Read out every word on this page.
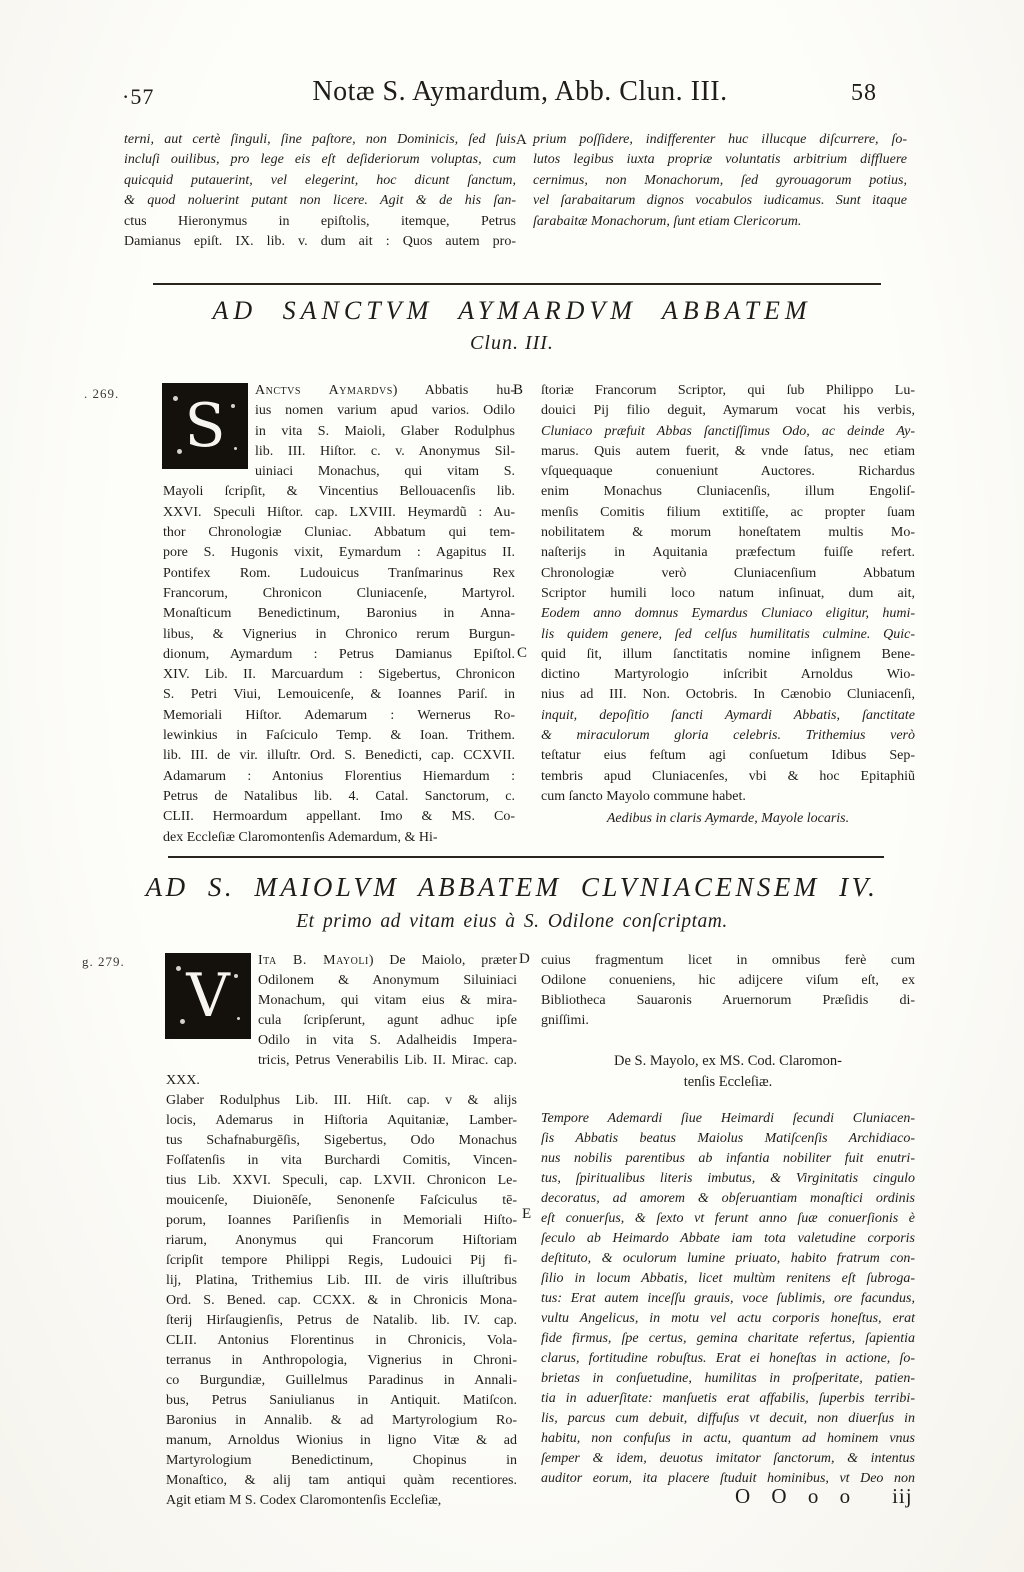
·57	Notæ S. Aymardum, Abb. Clun. III.	58
terni, aut certè ſinguli, ſine paſtore, non Dominicis, ſed ſuis
incluſi ouilibus, pro lege eis eſt deſideriorum voluptas, cum
quicquid putauerint, vel elegerint, hoc dicunt ſanctum,
& quod noluerint putant non licere. Agit & de his ſan-
ctus Hieronymus in epiſtolis, itemque, Petrus
Damianus epiſt. IX. lib. v. dum ait : Quos autem pro-
A prium poſſidere, indifferenter huc illucque diſcurrere, ſo-
lutos legibus iuxta propriæ voluntatis arbitrium diffluere
cernimus, non Monachorum, ſed gyrouagorum potius,
vel ſarabaitarum dignos vocabulos iudicamus. Sunt itaque
ſarabaitæ Monachorum, ſunt etiam Clericorum.
AD SANCTVM AYMARDVM ABBATEM
Clun. III.
. 269. S
Anctvs Aymardvs) Abbatis hu-
ius nomen varium apud varios. Odilo
in vita S. Maioli, Glaber Rodulphus
lib. III. Hiſtor. c. v. Anonymus Sil-
uiniaci Monachus, qui vitam S.
Mayoli ſcripſit, & Vincentius Bellouacenſis lib.
XXVI. Speculi Hiſtor. cap. LXVIII. Heymardũ : Au-
thor Chronologiæ Cluniac. Abbatum qui tem-
pore S. Hugonis vixit, Eymardum : Agapitus II.
Pontifex Rom. Ludouicus Tranſmarinus Rex
Francorum, Chronicon Cluniacenſe, Martyrol.
Monaſticum Benedictinum, Baronius in Anna-
libus, & Vignerius in Chronico rerum Burgun-
dionum, Aymardum : Petrus Damianus Epiſtol.
XIV. Lib. II. Marcuardum : Sigebertus, Chronicon
S. Petri Viui, Lemouicenſe, & Ioannes Pariſ. in
Memoriali Hiſtor. Ademarum : Wernerus Ro-
lewinkius in Faſciculo Temp. & Ioan. Trithem.
lib. III. de vir. illuſtr. Ord. S. Benedicti, cap. CCXVII.
Adamarum : Antonius Florentius Hiemardum :
Petrus de Natalibus lib. 4. Catal. Sanctorum, c.
CLII. Hermoardum appellant. Imo & MS. Co-
dex Eccleſiæ Claromontenſis Ademardum, & Hi-
B
C
ſtoriæ Francorum Scriptor, qui ſub Philippo Lu-
douici Pij filio deguit, Aymarum vocat his verbis,
Cluniaco præfuit Abbas ſanctiſſimus Odo, ac deinde Ay-
marus. Quis autem fuerit, & vnde ſatus, nec etiam
vſquequaque conueniunt Auctores. Richardus
enim Monachus Cluniacenſis, illum Engoliſ-
menſis Comitis filium extitiſſe, ac propter ſuam
nobilitatem & morum honeſtatem multis Mo-
naſterijs in Aquitania præfectum fuiſſe refert.
Chronologiæ verò Cluniacenſium Abbatum
Scriptor humili loco natum inſinuat, dum ait,
Eodem anno domnus Eymardus Cluniaco eligitur, humi-
lis quidem genere, ſed celſus humilitatis culmine. Quic-
quid ſit, illum ſanctitatis nomine inſignem Bene-
dictino Martyrologio inſcribit Arnoldus Wio-
nius ad III. Non. Octobris. In Cænobio Cluniacenſi,
inquit, depoſitio ſancti Aymardi Abbatis, ſanctitate
& miraculorum gloria celebris. Trithemius verò
teſtatur eius feſtum agi conſuetum Idibus Sep-
tembris apud Cluniacenſes, vbi & hoc Epitaphiũ
cum ſancto Mayolo commune habet.
Aedibus in claris Aymarde, Mayole locaris.
AD S. MAIOLVM ABBATEM CLVNIACENSEM IV.
Et primo ad vitam eius à S. Odilone conſcriptam.
g. 279. V
Ita B. Mayoli) De Maiolo, præter
Odilonem & Anonymum Siluiniaci
Monachum, qui vitam eius & mira-
cula ſcripſerunt, agunt adhuc ipſe
Odilo in vita S. Adalheidis Impera-
tricis, Petrus Venerabilis Lib. II. Mirac. cap. XXX.
Glaber Rodulphus Lib. III. Hiſt. cap. v & alijs
locis, Ademarus in Hiſtoria Aquitaniæ, Lamber-
tus Schafnaburgēſis, Sigebertus, Odo Monachus
Foſſatenſis in vita Burchardi Comitis, Vincen-
tius Lib. XXVI. Speculi, cap. LXVII. Chronicon Le-
mouicenſe, Diuionēſe, Senonenſe Faſciculus tē-
porum, Ioannes Pariſienſis in Memoriali Hiſto-
riarum, Anonymus qui Francorum Hiſtoriam
ſcripſit tempore Philippi Regis, Ludouici Pij fi-
lij, Platina, Trithemius Lib. III. de viris illuſtribus
Ord. S. Bened. cap. CCXX. & in Chronicis Mona-
ſterij Hirſaugienſis, Petrus de Natalib. lib. IV. cap.
CLII. Antonius Florentinus in Chronicis, Vola-
terranus in Anthropologia, Vignerius in Chroni-
co Burgundiæ, Guillelmus Paradinus in Annali-
bus, Petrus Saniulianus in Antiquit. Matiſcon.
Baronius in Annalib. & ad Martyrologium Ro-
manum, Arnoldus Wionius in ligno Vitæ & ad
Martyrologium Benedictinum, Chopinus in
Monaſtico, & alij tam antiqui quàm recentiores.
Agit etiam M S. Codex Claromontenſis Eccleſiæ,
D
E
cuius fragmentum licet in omnibus ferè cum
Odilone conueniens, hic adijcere viſum eſt, ex
Bibliotheca Sauaronis Aruernorum Præſidis di-
gniſſimi.
De S. Mayolo, ex MS. Cod. Claromon-
tenſis Eccleſiæ.
Tempore Ademardi ſiue Heimardi ſecundi Cluniacen-
ſis Abbatis beatus Maiolus Matiſcenſis Archidiaco-
nus nobilis parentibus ab infantia nobiliter fuit enutri-
tus, ſpiritualibus literis imbutus, & Virginitatis cingulo
decoratus, ad amorem & obſeruantiam monaſtici ordinis
eſt conuerſus, & ſexto vt ferunt anno ſuæ conuerſionis è
ſeculo ab Heimardo Abbate iam tota valetudine corporis
deſtituto, & oculorum lumine priuato, habito fratrum con-
ſilio in locum Abbatis, licet multùm renitens eſt ſubroga-
tus: Erat autem inceſſu grauis, voce ſublimis, ore facundus,
vultu Angelicus, in motu vel actu corporis honeſtus, erat
fide firmus, ſpe certus, gemina charitate refertus, ſapientia
clarus, fortitudine robuſtus. Erat ei honeſtas in actione, ſo-
brietas in conſuetudine, humilitas in proſperitate, patien-
tia in aduerſitate: manſuetis erat affabilis, ſuperbis terribi-
lis, parcus cum debuit, diffuſus vt decuit, non diuerſus in
habitu, non confuſus in actu, quantum ad hominem vnus
ſemper & idem, deuotus imitator ſanctorum, & intentus
auditor eorum, ita placere ſtuduit hominibus, vt Deo non
O O o o iij
